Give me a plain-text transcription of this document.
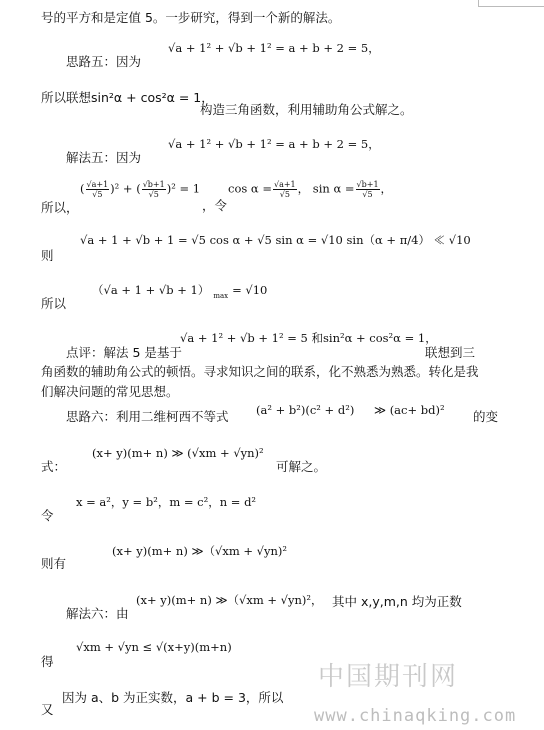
号的平方和是定值 5。一步研究，得到一个新的解法。
思路五：因为
√a + 1² + √b + 1² = a + b + 2 = 5，
所以联想sin²α + cos²α = 1，
构造三角函数，利用辅助角公式解之。
解法五：因为
√a + 1² + √b + 1² = a + b + 2 = 5，
所以，
( $\frac{√a+1}{√5} )^2$ + ( $\frac{√b+1}{√5} )^2 = 1$
，令
$\cos \alpha = \frac{√a+1}{√5}$ ， $\sin \alpha = \frac{√b+1}{√5}$ ，
则
√a + 1 + √b + 1 = √5 cos α + √5 sin α = √10 sin（α + π/4） ≪ √10
所以
（√a + 1 + √b + 1） $_{max}$ = √10
点评：解法 5 是基于
√a + 1² + √b + 1² = 5 和sin²α + cos²α = 1，
联想到三
角函数的辅助角公式的顿悟。寻求知识之间的联系，化不熟悉为熟悉。转化是我
们解决问题的常见思想。
思路六：利用二维柯西不等式 (a² + b²)(c² + d²) ≫ (ac+ bd)² 的变
式：
(x+ y)(m+ n) ≫ (√xm + √yn)²
可解之。
x = a²，y = b²，m = c²，n = d²
令
则有
(x+ y)(m+ n) ≫（√xm + √yn)²
解法六：由
(x+ y)(m+ n) ≫（√xm + √yn)²， 其中 x,y,m,n 均为正数
得
√xm + √yn ≤ √(x+y)(m+n)
因为 a、b 为正实数，a + b = 3，所以
又
中国期刊网
www.chinaqking.com
